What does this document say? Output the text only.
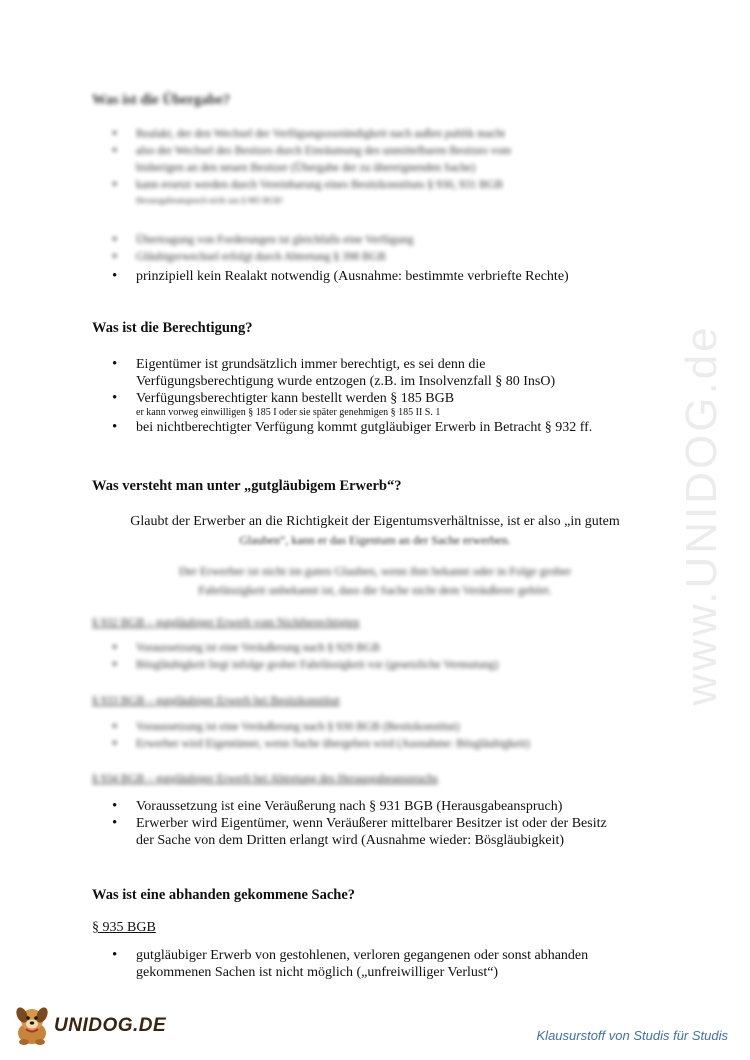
Was ist die Übergabe?
• Realakt, der den Wechsel der Verfügungszuständigkeit nach außen publik macht
• also der Wechsel des Besitzes durch Einräumung des unmittelbaren Besitzes vom
bisherigen an den neuen Besitzer (Übergabe der zu übereignenden Sache)
• kann ersetzt werden durch Vereinbarung eines Besitzkonstituts § 930, 931 BGB
Herausgabeanspruch nicht aus § 985 BGB!
• Übertragung von Forderungen ist gleichfalls eine Verfügung
• Gläubigerwechsel erfolgt durch Abtretung § 398 BGB
• prinzipiell kein Realakt notwendig (Ausnahme: bestimmte verbriefte Rechte)
Was ist die Berechtigung?
• Eigentümer ist grundsätzlich immer berechtigt, es sei denn die
Verfügungsberechtigung wurde entzogen (z.B. im Insolvenzfall § 80 InsO)
• Verfügungsberechtigter kann bestellt werden § 185 BGB
er kann vorweg einwilligen § 185 I oder sie später genehmigen § 185 II S. 1
• bei nichtberechtigter Verfügung kommt gutgläubiger Erwerb in Betracht § 932 ff.
Was versteht man unter „gutgläubigem Erwerb“?

Glaubt der Erwerber an die Richtigkeit der Eigentumsverhältnisse, ist er also „in gutem
Glauben“, kann er das Eigentum an der Sache erwerben.

Der Erwerber ist nicht im guten Glauben, wenn ihm bekannt oder in Folge grober
Fahrlässigkeit unbekannt ist, dass die Sache nicht dem Veräußerer gehört.

§ 932 BGB – gutgläubiger Erwerb vom Nichtberechtigten

• Voraussetzung ist eine Veräußerung nach § 929 BGB
• Bösgläubigkeit liegt infolge grober Fahrlässigkeit vor (gesetzliche Vermutung)

§ 933 BGB – gutgläubiger Erwerb bei Besitzkonstitut

• Voraussetzung ist eine Veräußerung nach § 930 BGB (Besitzkonstitut)
• Erwerber wird Eigentümer, wenn Sache übergeben wird (Ausnahme: Bösgläubigkeit)

§ 934 BGB – gutgläubiger Erwerb bei Abtretung des Herausgabeanspruchs

• Voraussetzung ist eine Veräußerung nach § 931 BGB (Herausgabeanspruch)
• Erwerber wird Eigentümer, wenn Veräußerer mittelbarer Besitzer ist oder der Besitz
der Sache von dem Dritten erlangt wird (Ausnahme wieder: Bösgläubigkeit)
Was ist eine abhanden gekommene Sache?

§ 935 BGB

• gutgläubiger Erwerb von gestohlenen, verloren gegangenen oder sonst abhanden
gekommenen Sachen ist nicht möglich („unfreiwilliger Verlust“)
www.UNIDOG.de
UNIDOG.DE	Klausurstoff von Studis für Studis
